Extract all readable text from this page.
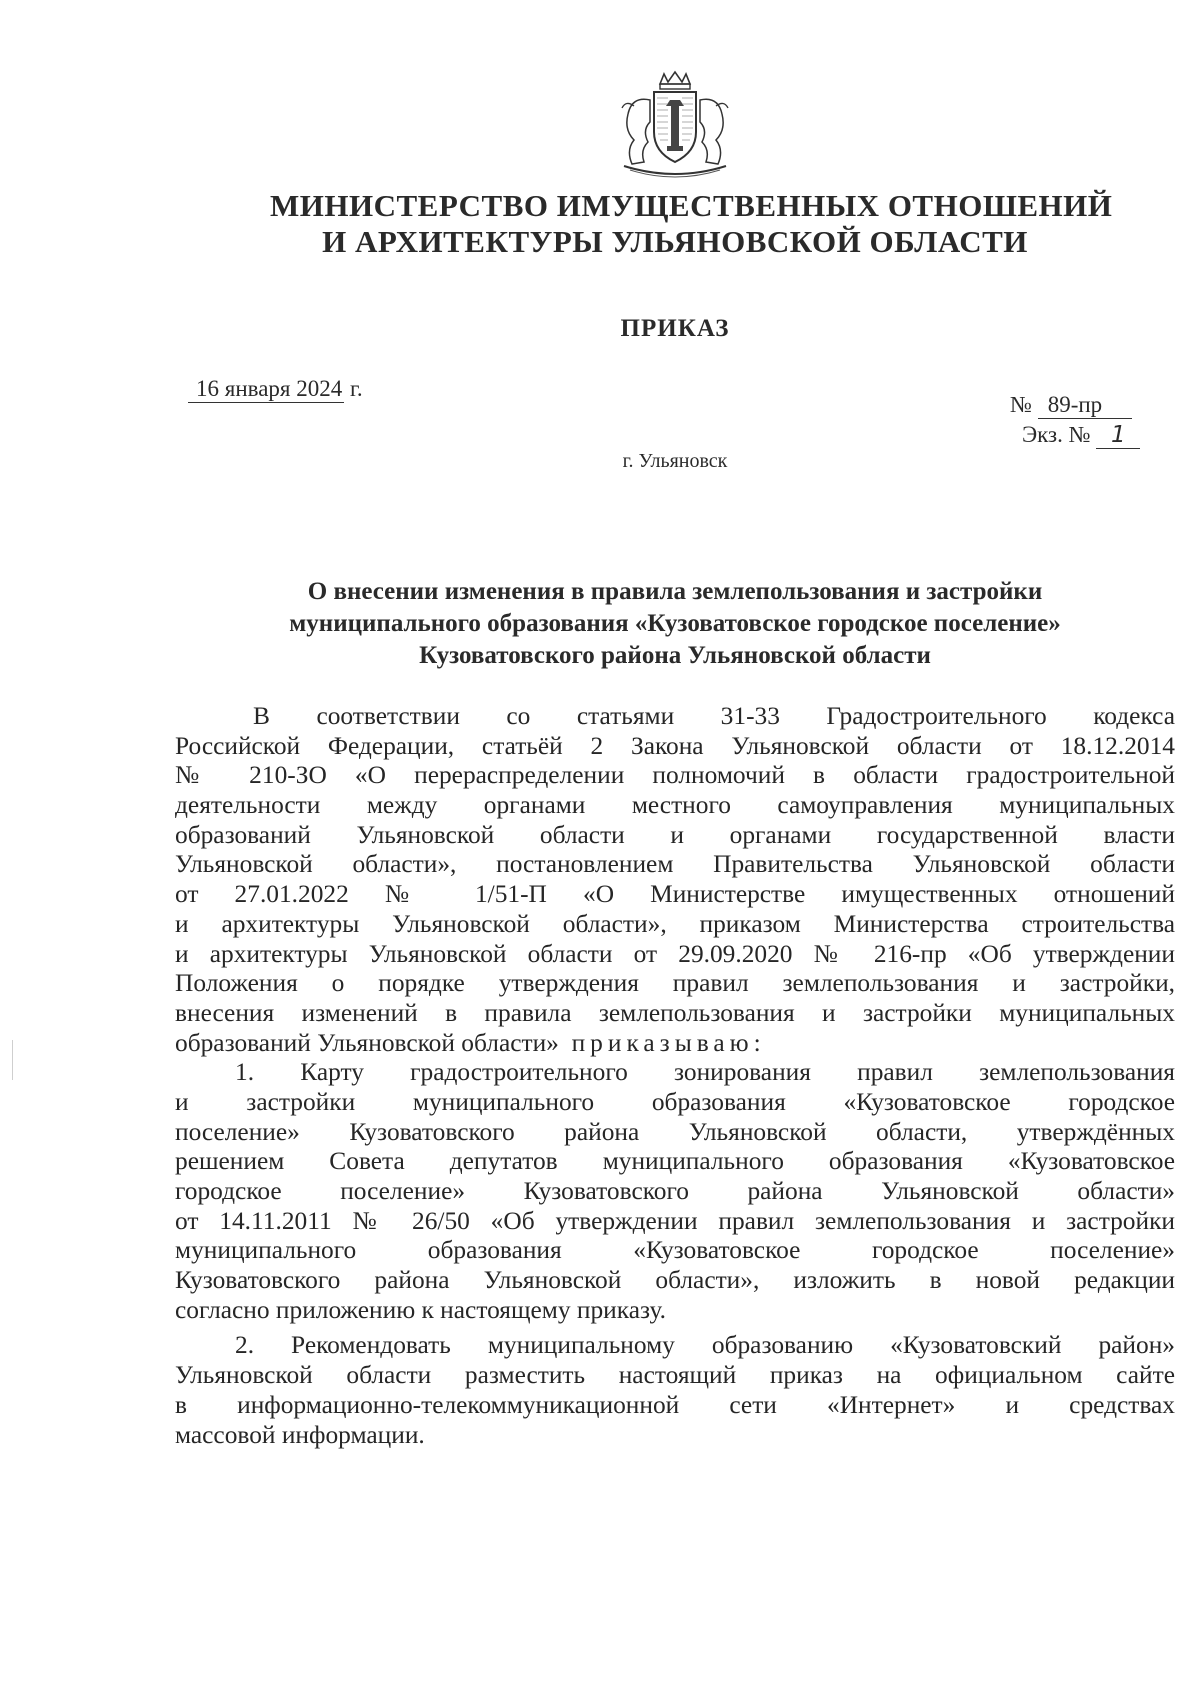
МИНИСТЕРСТВО ИМУЩЕСТВЕННЫХ ОТНОШЕНИЙ
И АРХИТЕКТУРЫ УЛЬЯНОВСКОЙ ОБЛАСТИ
ПРИКАЗ
16 января 2024 г.
№ 89-пр
Экз. № 1
г. Ульяновск
О внесении изменения в правила землепользования и застройки
муниципального образования «Кузоватовское городское поселение»
Кузоватовского района Ульяновской области
В соответствии со статьями 31-33 Градостроительного кодекса
Российской Федерации, статьёй 2 Закона Ульяновской области от 18.12.2014
№ 210-ЗО «О перераспределении полномочий в области градостроительной
деятельности между органами местного самоуправления муниципальных
образований Ульяновской области и органами государственной власти
Ульяновской области», постановлением Правительства Ульяновской области
от 27.01.2022 № 1/51-П «О Министерстве имущественных отношений
и архитектуры Ульяновской области», приказом Министерства строительства
и архитектуры Ульяновской области от 29.09.2020 № 216-пр «Об утверждении
Положения о порядке утверждения правил землепользования и застройки,
внесения изменений в правила землепользования и застройки муниципальных
образований Ульяновской области» приказываю:
1. Карту градостроительного зонирования правил землепользования
и застройки муниципального образования «Кузоватовское городское
поселение» Кузоватовского района Ульяновской области, утверждённых
решением Совета депутатов муниципального образования «Кузоватовское
городское поселение» Кузоватовского района Ульяновской области»
от 14.11.2011 № 26/50 «Об утверждении правил землепользования и застройки
муниципального образования «Кузоватовское городское поселение»
Кузоватовского района Ульяновской области», изложить в новой редакции
согласно приложению к настоящему приказу.
2. Рекомендовать муниципальному образованию «Кузоватовский район»
Ульяновской области разместить настоящий приказ на официальном сайте
в информационно-телекоммуникационной сети «Интернет» и средствах
массовой информации.
